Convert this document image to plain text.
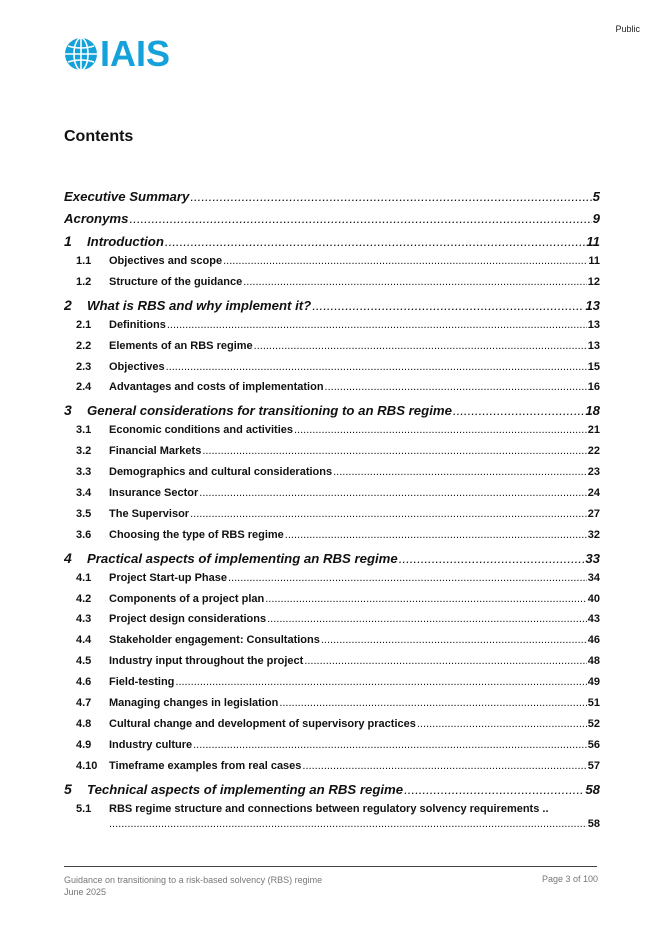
Public
IAIS
Contents
Executive Summary .....	5
Acronyms .....	9
1	Introduction .....	11
1.1	Objectives and scope .....	11
1.2	Structure of the guidance .....	12
2	What is RBS and why implement it? .....	13
2.1	Definitions .....	13
2.2	Elements of an RBS regime .....	13
2.3	Objectives .....	15
2.4	Advantages and costs of implementation .....	16
3	General considerations for transitioning to an RBS regime .....	18
3.1	Economic conditions and activities .....	21
3.2	Financial Markets .....	22
3.3	Demographics and cultural considerations .....	23
3.4	Insurance Sector .....	24
3.5	The Supervisor .....	27
3.6	Choosing the type of RBS regime .....	32
4	Practical aspects of implementing an RBS regime .....	33
4.1	Project Start-up Phase .....	34
4.2	Components of a project plan .....	40
4.3	Project design considerations .....	43
4.4	Stakeholder engagement: Consultations .....	46
4.5	Industry input throughout the project .....	48
4.6	Field-testing .....	49
4.7	Managing changes in legislation .....	51
4.8	Cultural change and development of supervisory practices .....	52
4.9	Industry culture .....	56
4.10	Timeframe examples from real cases .....	57
5	Technical aspects of implementing an RBS regime .....	58
5.1	RBS regime structure and connections between regulatory solvency requirements ..
.....
58
Guidance on transitioning to a risk-based solvency (RBS) regime
June 2025
Page 3 of 100
